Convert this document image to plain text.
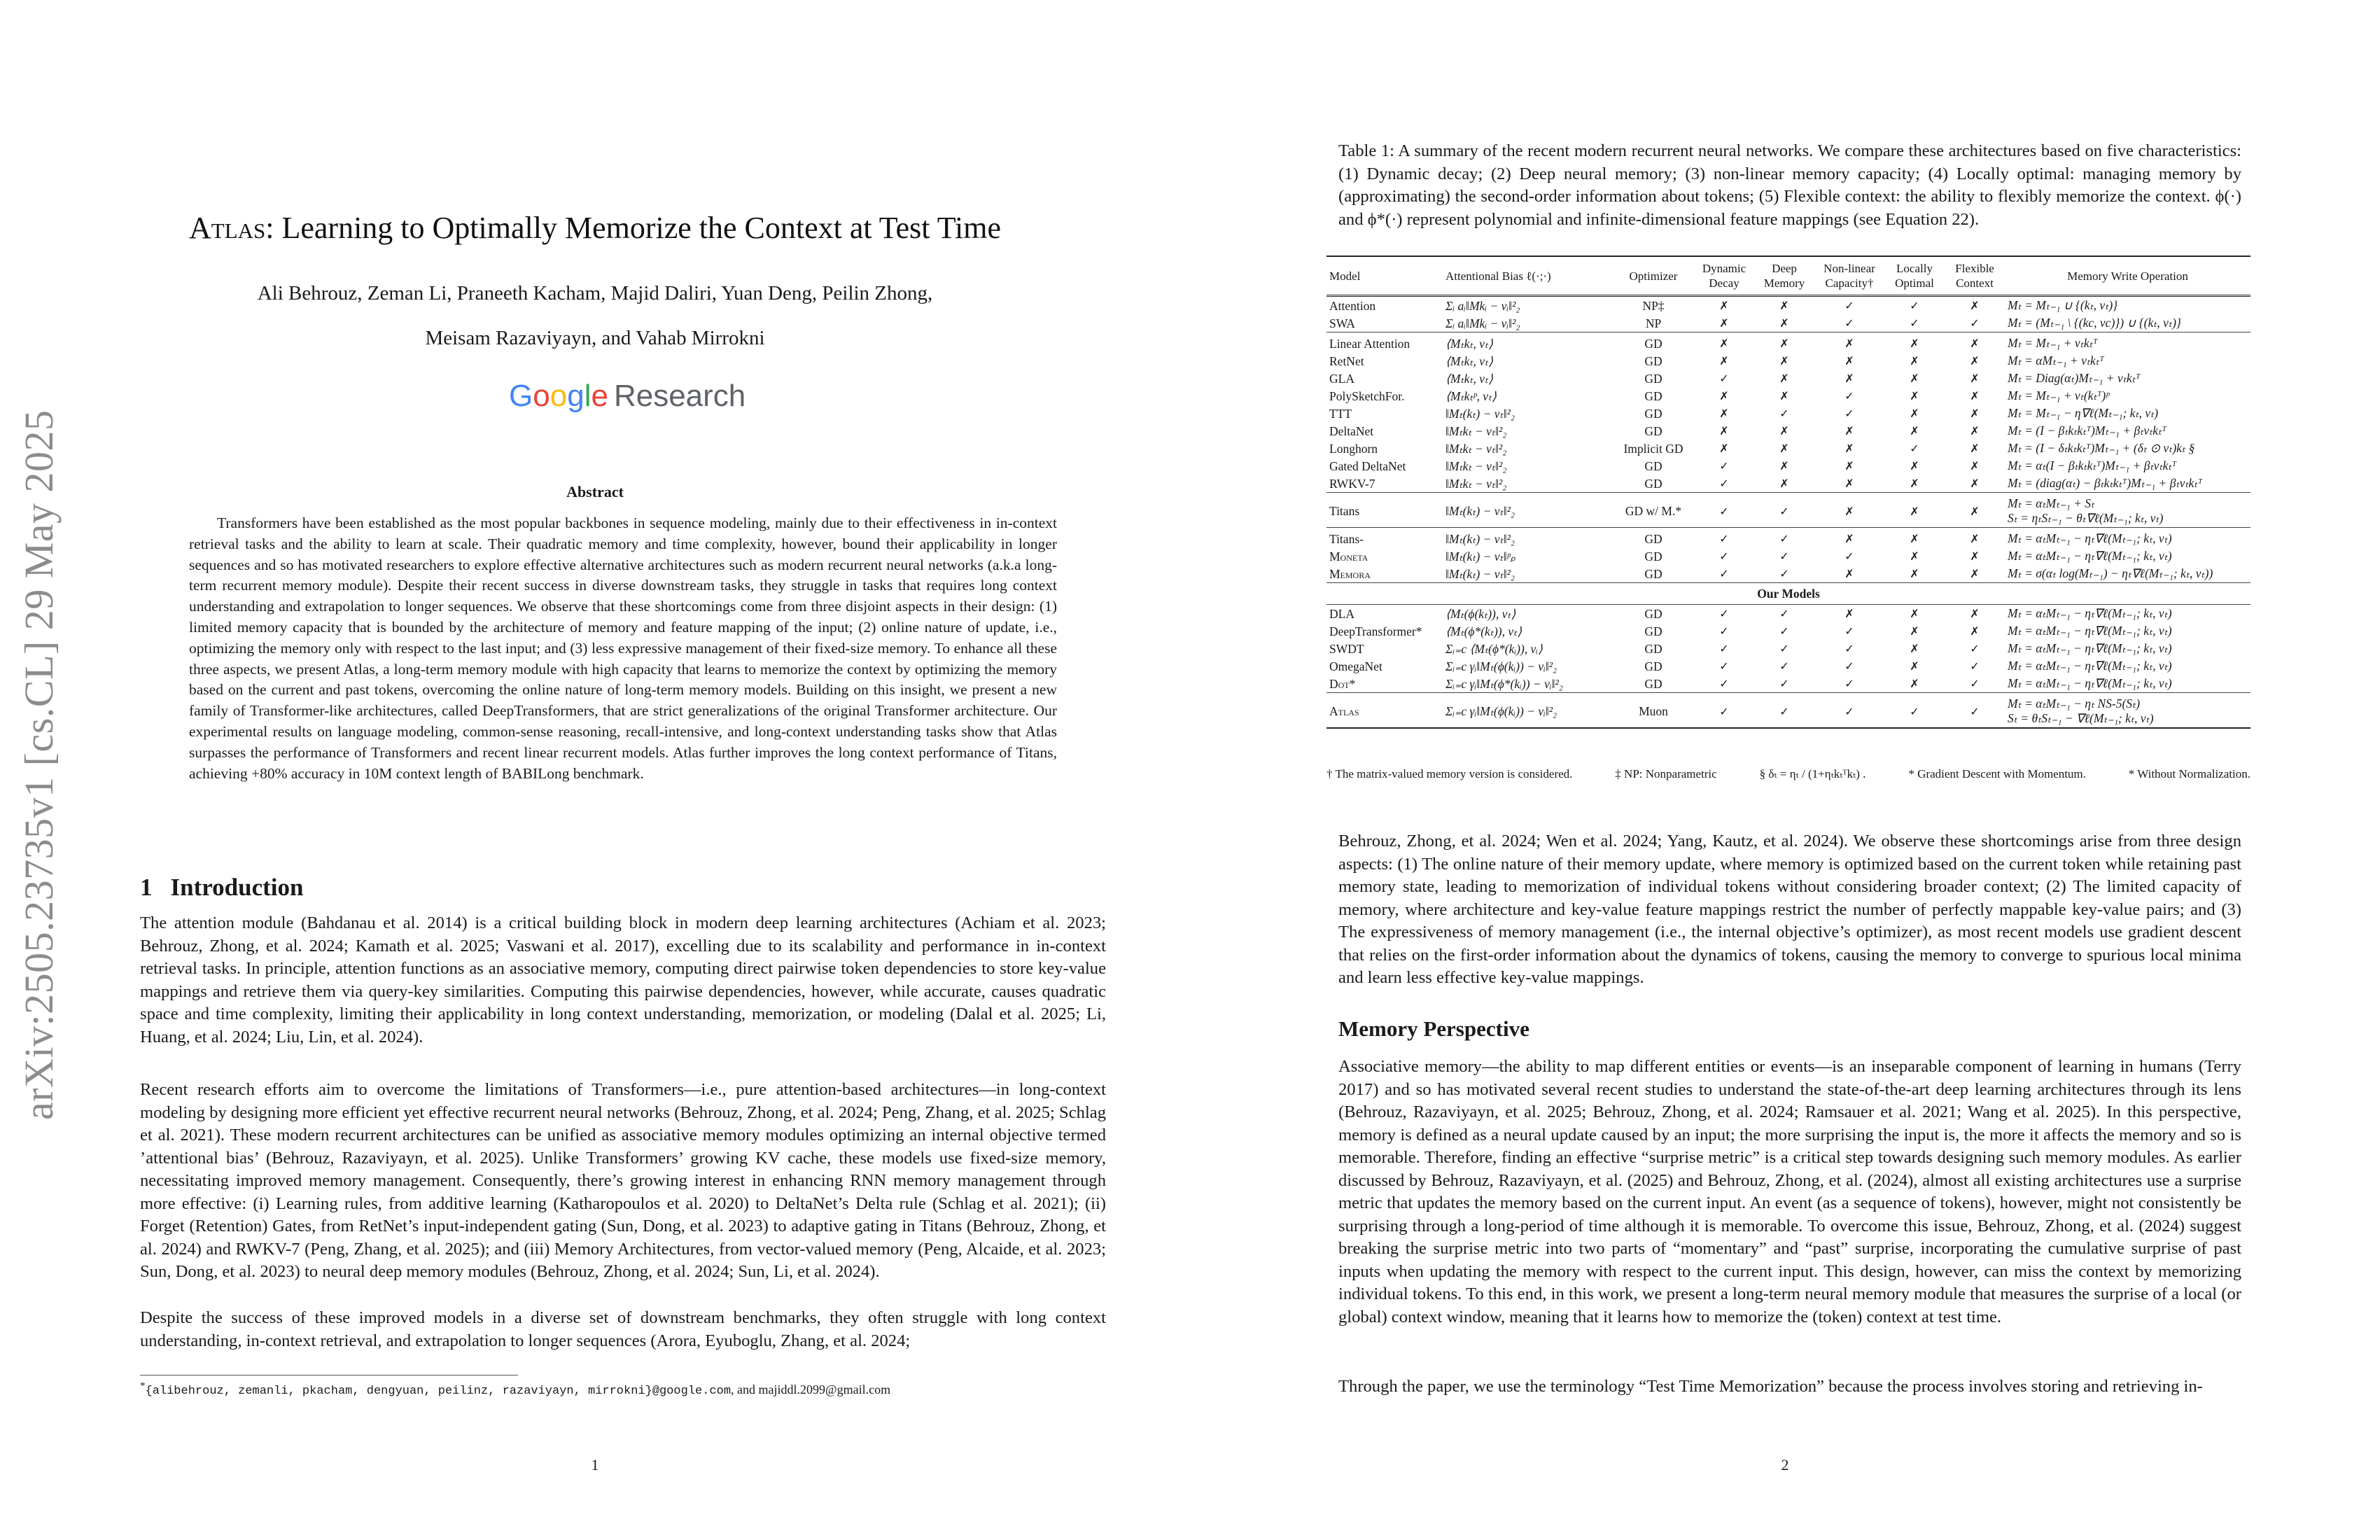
arXiv:2505.23735v1 [cs.CL] 29 May 2025
Atlas: Learning to Optimally Memorize the Context at Test Time
Ali Behrouz, Zeman Li, Praneeth Kacham, Majid Daliri, Yuan Deng, Peilin Zhong,
Meisam Razaviyayn, and Vahab Mirrokni
Google Research
Abstract
Transformers have been established as the most popular backbones in sequence modeling, mainly due to their effectiveness in in-context retrieval tasks and the ability to learn at scale. Their quadratic memory and time complexity, however, bound their applicability in longer sequences and so has motivated researchers to explore effective alternative architectures such as modern recurrent neural networks (a.k.a long-term recurrent memory module). Despite their recent success in diverse downstream tasks, they struggle in tasks that requires long context understanding and extrapolation to longer sequences. We observe that these shortcomings come from three disjoint aspects in their design: (1) limited memory capacity that is bounded by the architecture of memory and feature mapping of the input; (2) online nature of update, i.e., optimizing the memory only with respect to the last input; and (3) less expressive management of their fixed-size memory. To enhance all these three aspects, we present Atlas, a long-term memory module with high capacity that learns to memorize the context by optimizing the memory based on the current and past tokens, overcoming the online nature of long-term memory models. Building on this insight, we present a new family of Transformer-like architectures, called DeepTransformers, that are strict generalizations of the original Transformer architecture. Our experimental results on language modeling, common-sense reasoning, recall-intensive, and long-context understanding tasks show that Atlas surpasses the performance of Transformers and recent linear recurrent models. Atlas further improves the long context performance of Titans, achieving +80% accuracy in 10M context length of BABILong benchmark.
1 Introduction
The attention module (Bahdanau et al. 2014) is a critical building block in modern deep learning architectures (Achiam et al. 2023; Behrouz, Zhong, et al. 2024; Kamath et al. 2025; Vaswani et al. 2017), excelling due to its scalability and performance in in-context retrieval tasks. In principle, attention functions as an associative memory, computing direct pairwise token dependencies to store key-value mappings and retrieve them via query-key similarities. Computing this pairwise dependencies, however, while accurate, causes quadratic space and time complexity, limiting their applicability in long context understanding, memorization, or modeling (Dalal et al. 2025; Li, Huang, et al. 2024; Liu, Lin, et al. 2024).
Recent research efforts aim to overcome the limitations of Transformers—i.e., pure attention-based architectures—in long-context modeling by designing more efficient yet effective recurrent neural networks (Behrouz, Zhong, et al. 2024; Peng, Zhang, et al. 2025; Schlag et al. 2021). These modern recurrent architectures can be unified as associative memory modules optimizing an internal objective termed ’attentional bias’ (Behrouz, Razaviyayn, et al. 2025). Unlike Transformers’ growing KV cache, these models use fixed-size memory, necessitating improved memory management. Consequently, there’s growing interest in enhancing RNN memory management through more effective: (i) Learning rules, from additive learning (Katharopoulos et al. 2020) to DeltaNet’s Delta rule (Schlag et al. 2021); (ii) Forget (Retention) Gates, from RetNet’s input-independent gating (Sun, Dong, et al. 2023) to adaptive gating in Titans (Behrouz, Zhong, et al. 2024) and RWKV-7 (Peng, Zhang, et al. 2025); and (iii) Memory Architectures, from vector-valued memory (Peng, Alcaide, et al. 2023; Sun, Dong, et al. 2023) to neural deep memory modules (Behrouz, Zhong, et al. 2024; Sun, Li, et al. 2024).
Despite the success of these improved models in a diverse set of downstream benchmarks, they often struggle with long context understanding, in-context retrieval, and extrapolation to longer sequences (Arora, Eyuboglu, Zhang, et al. 2024;
*{alibehrouz, zemanli, pkacham, dengyuan, peilinz, razaviyayn, mirrokni}@google.com, and majiddl.2099@gmail.com
1
Table 1: A summary of the recent modern recurrent neural networks. We compare these architectures based on five characteristics: (1) Dynamic decay; (2) Deep neural memory; (3) non-linear memory capacity; (4) Locally optimal: managing memory by (approximating) the second-order information about tokens; (5) Flexible context: the ability to flexibly memorize the context. ϕ(·) and ϕ*(·) represent polynomial and infinite-dimensional feature mappings (see Equation 22).
Model	Attentional Bias ℓ(·;·)	Optimizer	Dynamic Decay	Deep Memory	Non-linear Capacity†	Locally Optimal	Flexible Context	Memory Write Operation
Attention	Σᵢ aᵢ‖Mkᵢ − vᵢ‖²₂	NP‡	✗	✗	✓	✓	✗	Mₜ = Mₜ₋₁ ∪ {(kₜ, vₜ)}

SWA	Σᵢ aᵢ‖Mkᵢ − vᵢ‖²₂	NP	✗	✗	✓	✓	✓	Mₜ = (Mₜ₋₁ \ {(kc, vc)}) ∪ {(kₜ, vₜ)}

Linear Attention	⟨Mₜkₜ, vₜ⟩	GD	✗	✗	✗	✗	✗	Mₜ = Mₜ₋₁ + vₜkₜᵀ

RetNet	⟨Mₜkₜ, vₜ⟩	GD	✗	✗	✗	✗	✗	Mₜ = αMₜ₋₁ + vₜkₜᵀ

GLA	⟨Mₜkₜ, vₜ⟩	GD	✓	✗	✗	✗	✗	Mₜ = Diag(αₜ)Mₜ₋₁ + vₜkₜᵀ

PolySketchFor.	⟨Mₜkₜᵖ, vₜ⟩	GD	✗	✗	✓	✗	✗	Mₜ = Mₜ₋₁ + vₜ(kₜᵀ)ᵖ

TTT	‖Mₜ(kₜ) − vₜ‖²₂	GD	✗	✓	✓	✗	✗	Mₜ = Mₜ₋₁ − η∇ℓ(Mₜ₋₁; kₜ, vₜ)

DeltaNet	‖Mₜkₜ − vₜ‖²₂	GD	✗	✗	✗	✗	✗	Mₜ = (I − βₜkₜkₜᵀ)Mₜ₋₁ + βₜvₜkₜᵀ

Longhorn	‖Mₜkₜ − vₜ‖²₂	Implicit GD	✗	✗	✗	✓	✗	Mₜ = (I − δₜkₜkₜᵀ)Mₜ₋₁ + (δₜ ⊙ vₜ)kₜ §

Gated DeltaNet	‖Mₜkₜ − vₜ‖²₂	GD	✓	✗	✗	✗	✗	Mₜ = αₜ(I − βₜkₜkₜᵀ)Mₜ₋₁ + βₜvₜkₜᵀ

RWKV-7	‖Mₜkₜ − vₜ‖²₂	GD	✓	✗	✗	✗	✗	Mₜ = (diag(αₜ) − βₜkₜkₜᵀ)Mₜ₋₁ + βₜvₜkₜᵀ

Titans	‖Mₜ(kₜ) − vₜ‖²₂	GD w/ M.*	✓	✓	✗	✗	✗	Mₜ = αₜMₜ₋₁ + Sₜ
Sₜ = ηₜSₜ₋₁ − θₜ∇ℓ(Mₜ₋₁; kₜ, vₜ)

Titans-	‖Mₜ(kₜ) − vₜ‖²₂	GD	✓	✓	✗	✗	✗	Mₜ = αₜMₜ₋₁ − ηₜ∇ℓ(Mₜ₋₁; kₜ, vₜ)

Moneta	‖Mₜ(kₜ) − vₜ‖ᵖₚ	GD	✓	✓	✓	✗	✗	Mₜ = αₜMₜ₋₁ − ηₜ∇ℓ(Mₜ₋₁; kₜ, vₜ)

Memora	‖Mₜ(kₜ) − vₜ‖²₂	GD	✓	✓	✗	✗	✗	Mₜ = σ(αₜ log(Mₜ₋₁) − ηₜ∇ℓ(Mₜ₋₁; kₜ, vₜ))

Our Models								
DLA	⟨Mₜ(ϕ(kₜ)), vₜ⟩	GD	✓	✓	✗	✗	✗	Mₜ = αₜMₜ₋₁ − ηₜ∇ℓ(Mₜ₋₁; kₜ, vₜ)

DeepTransformer*	⟨Mₜ(ϕ*(kₜ)), vₜ⟩	GD	✓	✓	✓	✗	✗	Mₜ = αₜMₜ₋₁ − ηₜ∇ℓ(Mₜ₋₁; kₜ, vₜ)

SWDT	Σᵢ₌c ⟨Mₜ(ϕ*(kᵢ)), vᵢ⟩	GD	✓	✓	✓	✗	✓	Mₜ = αₜMₜ₋₁ − ηₜ∇ℓ(Mₜ₋₁; kₜ, vₜ)

OmegaNet	Σᵢ₌c γᵢ‖Mₜ(ϕ(kᵢ)) − vᵢ‖²₂	GD	✓	✓	✓	✗	✓	Mₜ = αₜMₜ₋₁ − ηₜ∇ℓ(Mₜ₋₁; kₜ, vₜ)

Dot*	Σᵢ₌c γᵢ‖Mₜ(ϕ*(kᵢ)) − vᵢ‖²₂	GD	✓	✓	✓	✗	✓	Mₜ = αₜMₜ₋₁ − ηₜ∇ℓ(Mₜ₋₁; kₜ, vₜ)

Atlas	Σᵢ₌c γᵢ‖Mₜ(ϕ(kᵢ)) − vᵢ‖²₂	Muon	✓	✓	✓	✓	✓	Mₜ = αₜMₜ₋₁ − ηₜ NS-5(Sₜ)
Sₜ = θₜSₜ₋₁ − ∇ℓ(Mₜ₋₁; kₜ, vₜ)
† The matrix-valued memory version is considered.	‡ NP: Nonparametric	§ δₜ = ηₜ / (1+ηₜkₜᵀkₜ) .	* Gradient Descent with Momentum.	* Without Normalization.
Behrouz, Zhong, et al. 2024; Wen et al. 2024; Yang, Kautz, et al. 2024). We observe these shortcomings arise from three design aspects: (1) The online nature of their memory update, where memory is optimized based on the current token while retaining past memory state, leading to memorization of individual tokens without considering broader context; (2) The limited capacity of memory, where architecture and key-value feature mappings restrict the number of perfectly mappable key-value pairs; and (3) The expressiveness of memory management (i.e., the internal objective’s optimizer), as most recent models use gradient descent that relies on the first-order information about the dynamics of tokens, causing the memory to converge to spurious local minima and learn less effective key-value mappings.
Memory Perspective
Associative memory—the ability to map different entities or events—is an inseparable component of learning in humans (Terry 2017) and so has motivated several recent studies to understand the state-of-the-art deep learning architectures through its lens (Behrouz, Razaviyayn, et al. 2025; Behrouz, Zhong, et al. 2024; Ramsauer et al. 2021; Wang et al. 2025). In this perspective, memory is defined as a neural update caused by an input; the more surprising the input is, the more it affects the memory and so is memorable. Therefore, finding an effective “surprise metric” is a critical step towards designing such memory modules. As earlier discussed by Behrouz, Razaviyayn, et al. (2025) and Behrouz, Zhong, et al. (2024), almost all existing architectures use a surprise metric that updates the memory based on the current input. An event (as a sequence of tokens), however, might not consistently be surprising through a long-period of time although it is memorable. To overcome this issue, Behrouz, Zhong, et al. (2024) suggest breaking the surprise metric into two parts of “momentary” and “past” surprise, incorporating the cumulative surprise of past inputs when updating the memory with respect to the current input. This design, however, can miss the context by memorizing individual tokens. To this end, in this work, we present a long-term neural memory module that measures the surprise of a local (or global) context window, meaning that it learns how to memorize the (token) context at test time.
Through the paper, we use the terminology “Test Time Memorization” because the process involves storing and retrieving in-
2
